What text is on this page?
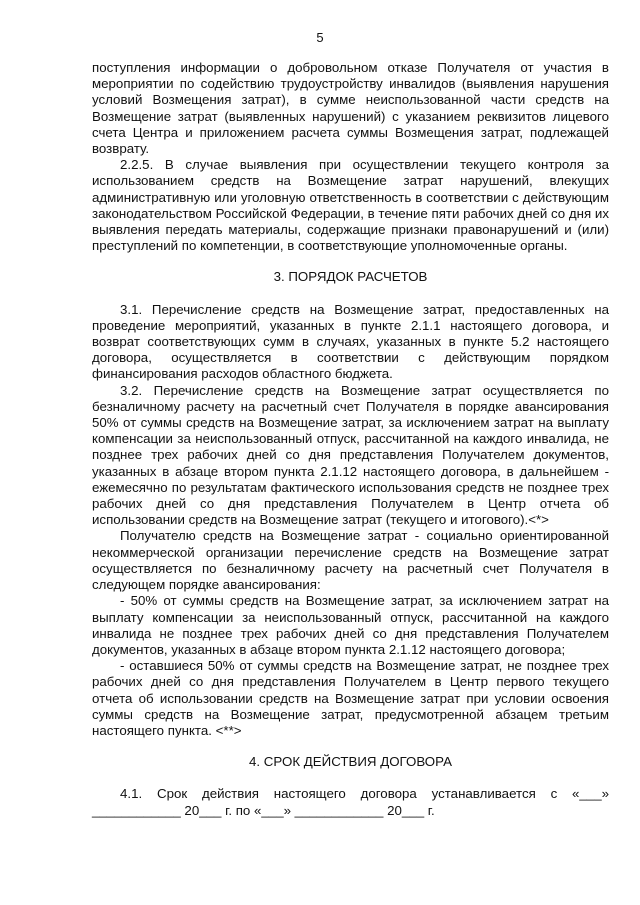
5

поступления информации о добровольном отказе Получателя от участия в мероприятии по содействию трудоустройству инвалидов (выявления нарушения условий Возмещения затрат), в сумме неиспользованной части средств на Возмещение затрат (выявленных нарушений) с указанием реквизитов лицевого счета Центра и приложением расчета суммы Возмещения затрат, подлежащей возврату.

2.2.5. В случае выявления при осуществлении текущего контроля за использованием средств на Возмещение затрат нарушений, влекущих административную или уголовную ответственность в соответствии с действующим законодательством Российской Федерации, в течение пяти рабочих дней со дня их выявления передать материалы, содержащие признаки правонарушений и (или) преступлений по компетенции, в соответствующие уполномоченные органы.

3. ПОРЯДОК РАСЧЕТОВ

3.1. Перечисление средств на Возмещение затрат, предоставленных на проведение мероприятий, указанных в пункте 2.1.1 настоящего договора, и возврат соответствующих сумм в случаях, указанных в пункте 5.2 настоящего договора, осуществляется в соответствии с действующим порядком финансирования расходов областного бюджета.

3.2. Перечисление средств на Возмещение затрат осуществляется по безналичному расчету на расчетный счет Получателя в порядке авансирования 50% от суммы средств на Возмещение затрат, за исключением затрат на выплату компенсации за неиспользованный отпуск, рассчитанной на каждого инвалида, не позднее трех рабочих дней со дня представления Получателем документов, указанных в абзаце втором пункта 2.1.12 настоящего договора, в дальнейшем - ежемесячно по результатам фактического использования средств не позднее трех рабочих дней со дня представления Получателем в Центр отчета об использовании средств на Возмещение затрат (текущего и итогового).<*>

Получателю средств на Возмещение затрат - социально ориентированной некоммерческой организации перечисление средств на Возмещение затрат осуществляется по безналичному расчету на расчетный счет Получателя в следующем порядке авансирования:

- 50% от суммы средств на Возмещение затрат, за исключением затрат на выплату компенсации за неиспользованный отпуск, рассчитанной на каждого инвалида не позднее трех рабочих дней со дня представления Получателем документов, указанных в абзаце втором пункта 2.1.12 настоящего договора;

- оставшиеся 50% от суммы средств на Возмещение затрат, не позднее трех рабочих дней со дня представления Получателем в Центр первого текущего отчета об использовании средств на Возмещение затрат при условии освоения суммы средств на Возмещение затрат, предусмотренной абзацем третьим настоящего пункта. <**>

4. СРОК ДЕЙСТВИЯ ДОГОВОРА

4.1. Срок действия настоящего договора устанавливается с «___» ____________ 20___ г. по «___» ____________ 20___ г.
